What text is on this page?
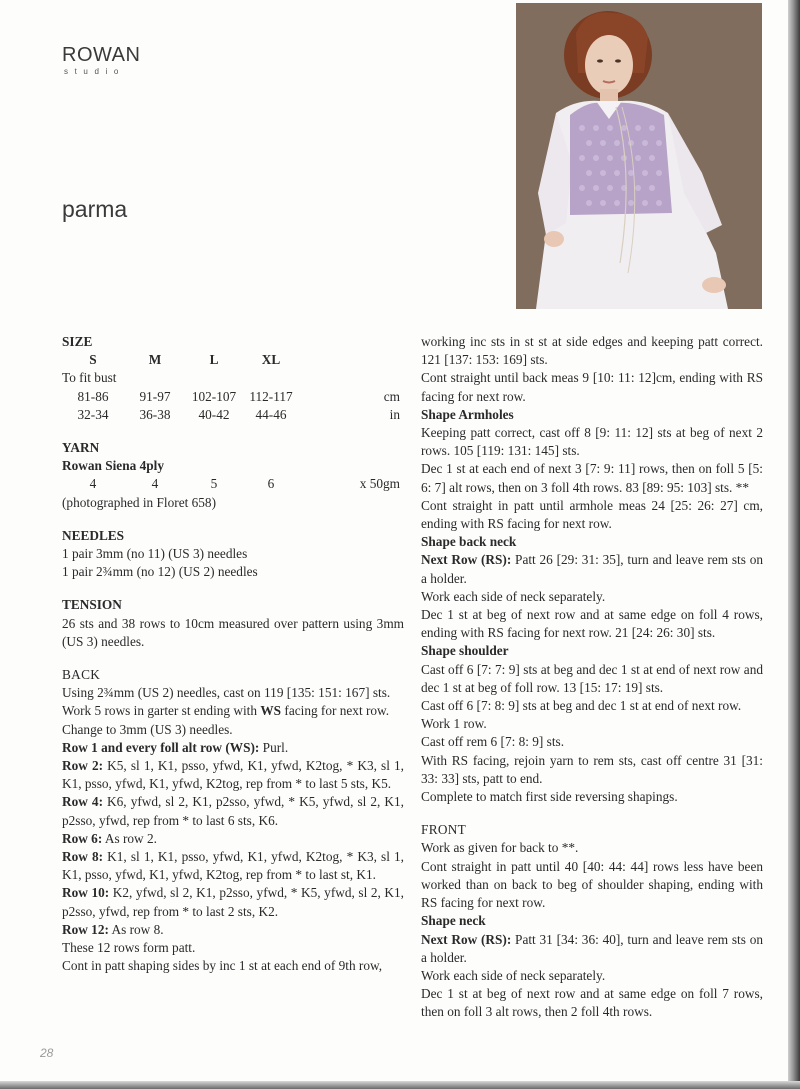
ROWAN
studio
parma

SIZE

S	M	L	XL	

To fit bust

81-86	91-97	102-107	112-117	cm
32-34	36-38	40-42	44-46	in

YARN

Rowan Siena 4ply

4	4	5	6	x 50gm

(photographed in Floret 658)

NEEDLES

1 pair 3mm (no 11) (US 3) needles

1 pair 2¾mm (no 12) (US 2) needles

TENSION

26 sts and 38 rows to 10cm measured over pattern using 3mm (US 3) needles.

BACK

Using 2¾mm (US 2) needles, cast on 119 [135: 151: 167] sts.

Work 5 rows in garter st ending with WS facing for next row.

Change to 3mm (US 3) needles.

Row 1 and every foll alt row (WS): Purl.

Row 2: K5, sl 1, K1, psso, yfwd, K1, yfwd, K2tog, * K3, sl 1, K1, psso, yfwd, K1, yfwd, K2tog, rep from * to last 5 sts, K5.

Row 4: K6, yfwd, sl 2, K1, p2sso, yfwd, * K5, yfwd, sl 2, K1, p2sso, yfwd, rep from * to last 6 sts, K6.

Row 6: As row 2.

Row 8: K1, sl 1, K1, psso, yfwd, K1, yfwd, K2tog, * K3, sl 1, K1, psso, yfwd, K1, yfwd, K2tog, rep from * to last st, K1.

Row 10: K2, yfwd, sl 2, K1, p2sso, yfwd, * K5, yfwd, sl 2, K1, p2sso, yfwd, rep from * to last 2 sts, K2.

Row 12: As row 8.

These 12 rows form patt.

Cont in patt shaping sides by inc 1 st at each end of 9th row,

working inc sts in st st at side edges and keeping patt correct. 121 [137: 153: 169] sts.

Cont straight until back meas 9 [10: 11: 12]cm, ending with RS facing for next row.

Shape Armholes

Keeping patt correct, cast off 8 [9: 11: 12] sts at beg of next 2 rows. 105 [119: 131: 145] sts.

Dec 1 st at each end of next 3 [7: 9: 11] rows, then on foll 5 [5: 6: 7] alt rows, then on 3 foll 4th rows. 83 [89: 95: 103] sts. **

Cont straight in patt until armhole meas 24 [25: 26: 27] cm, ending with RS facing for next row.

Shape back neck

Next Row (RS): Patt 26 [29: 31: 35], turn and leave rem sts on a holder.

Work each side of neck separately.

Dec 1 st at beg of next row and at same edge on foll 4 rows, ending with RS facing for next row. 21 [24: 26: 30] sts.

Shape shoulder

Cast off 6 [7: 7: 9] sts at beg and dec 1 st at end of next row and dec 1 st at beg of foll row. 13 [15: 17: 19] sts.

Cast off 6 [7: 8: 9] sts at beg and dec 1 st at end of next row.

Work 1 row.

Cast off rem 6 [7: 8: 9] sts.

With RS facing, rejoin yarn to rem sts, cast off centre 31 [31: 33: 33] sts, patt to end.

Complete to match first side reversing shapings.

FRONT

Work as given for back to **.

Cont straight in patt until 40 [40: 44: 44] rows less have been worked than on back to beg of shoulder shaping, ending with RS facing for next row.

Shape neck

Next Row (RS): Patt 31 [34: 36: 40], turn and leave rem sts on a holder.

Work each side of neck separately.

Dec 1 st at beg of next row and at same edge on foll 7 rows, then on foll 3 alt rows, then 2 foll 4th rows.

28
